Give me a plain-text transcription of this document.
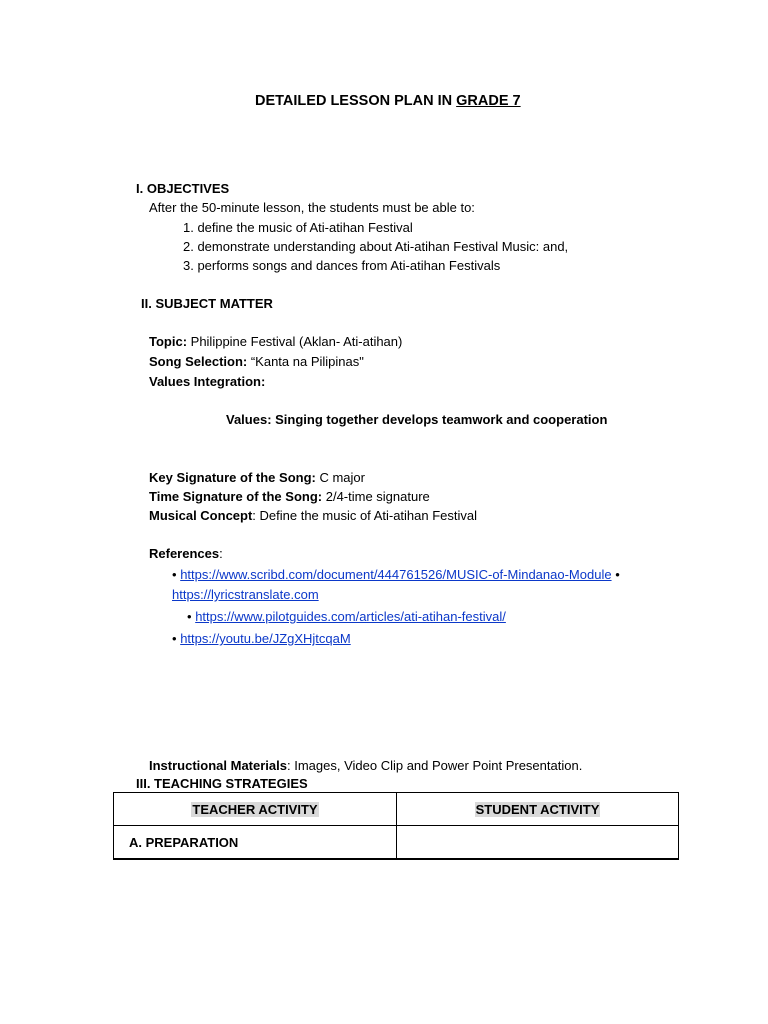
DETAILED LESSON PLAN IN GRADE 7
I. OBJECTIVES
After the 50-minute lesson, the students must be able to:
1. define the music of Ati-atihan Festival
2. demonstrate understanding about Ati-atihan Festival Music: and,
3. performs songs and dances from Ati-atihan Festivals
II. SUBJECT MATTER
Topic: Philippine Festival (Aklan- Ati-atihan)
Song Selection: “Kanta na Pilipinas"
Values Integration:
Values: Singing together develops teamwork and cooperation
Key Signature of the Song: C major
Time Signature of the Song: 2/4-time signature
Musical Concept: Define the music of Ati-atihan Festival
References:
• https://www.scribd.com/document/444761526/MUSIC-of-Mindanao-Module •
https://lyricstranslate.com
• https://www.pilotguides.com/articles/ati-atihan-festival/
• https://youtu.be/JZgXHjtcqaM
Instructional Materials: Images, Video Clip and Power Point Presentation.
III. TEACHING STRATEGIES
TEACHER ACTIVITY	STUDENT ACTIVITY
A. PREPARATION	
